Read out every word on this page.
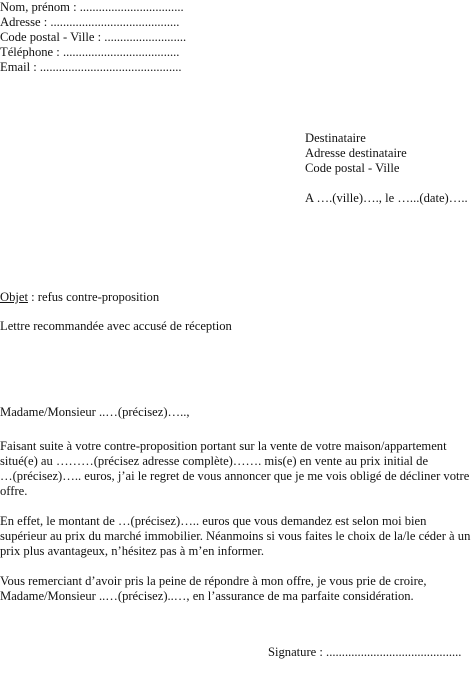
Nom, prénom : .................................
Adresse : .........................................
Code postal - Ville : ..........................
Téléphone : .....................................
Email : .............................................
Destinataire
Adresse destinataire
Code postal - Ville
A ….(ville)…., le …...(date)…..
Objet : refus contre-proposition
Lettre recommandée avec accusé de réception
Madame/Monsieur ..…(précisez)…..,
Faisant suite à votre contre-proposition portant sur la vente de votre maison/appartement
situé(e) au ………(précisez adresse complète)……. mis(e) en vente au prix initial de
…(précisez)….. euros, j’ai le regret de vous annoncer que je me vois obligé de décliner votre
offre.
En effet, le montant de …(précisez)….. euros que vous demandez est selon moi bien
supérieur au prix du marché immobilier. Néanmoins si vous faites le choix de la/le céder à un
prix plus avantageux, n’hésitez pas à m’en informer.
Vous remerciant d’avoir pris la peine de répondre à mon offre, je vous prie de croire,
Madame/Monsieur ..…(précisez)..…, en l’assurance de ma parfaite considération.
Signature : ...........................................
